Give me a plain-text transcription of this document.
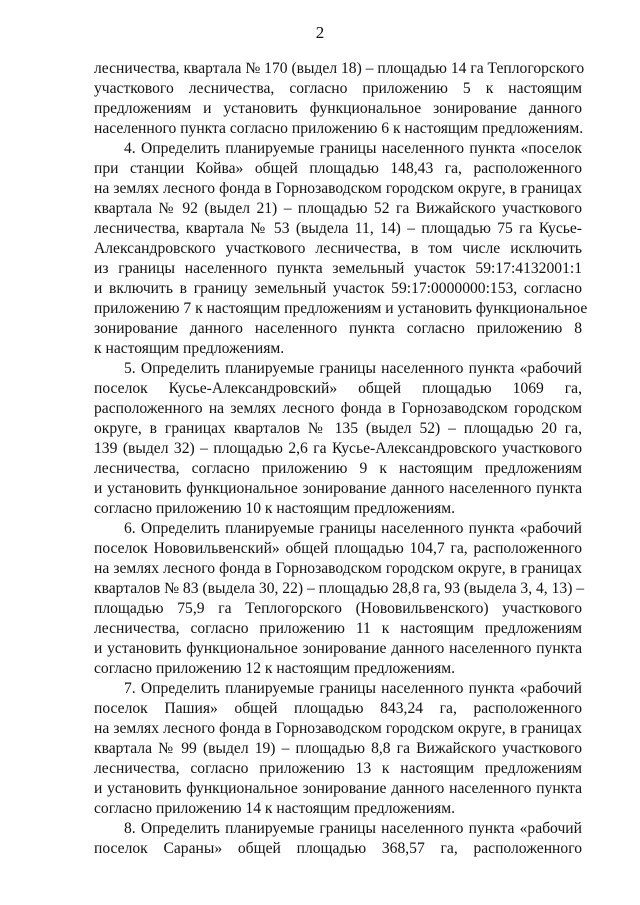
2
лесничества, квартала № 170 (выдел 18) – площадью 14 га Теплогорского
участкового лесничества, согласно приложению 5 к настоящим
предложениям и установить функциональное зонирование данного
населенного пункта согласно приложению 6 к настоящим предложениям.
4. Определить планируемые границы населенного пункта «поселок
при станции Койва» общей площадью 148,43 га, расположенного
на землях лесного фонда в Горнозаводском городском округе, в границах
квартала № 92 (выдел 21) – площадью 52 га Вижайского участкового
лесничества, квартала № 53 (выдела 11, 14) – площадью 75 га Кусье-
Александровского участкового лесничества, в том числе исключить
из границы населенного пункта земельный участок 59:17:4132001:1
и включить в границу земельный участок 59:17:0000000:153, согласно
приложению 7 к настоящим предложениям и установить функциональное
зонирование данного населенного пункта согласно приложению 8
к настоящим предложениям.
5. Определить планируемые границы населенного пункта «рабочий
поселок Кусье-Александровский» общей площадью 1069 га,
расположенного на землях лесного фонда в Горнозаводском городском
округе, в границах кварталов № 135 (выдел 52) – площадью 20 га,
139 (выдел 32) – площадью 2,6 га Кусье-Александровского участкового
лесничества, согласно приложению 9 к настоящим предложениям
и установить функциональное зонирование данного населенного пункта
согласно приложению 10 к настоящим предложениям.
6. Определить планируемые границы населенного пункта «рабочий
поселок Нововильвенский» общей площадью 104,7 га, расположенного
на землях лесного фонда в Горнозаводском городском округе, в границах
кварталов № 83 (выдела 30, 22) – площадью 28,8 га, 93 (выдела 3, 4, 13) –
площадью 75,9 га Теплогорского (Нововильвенского) участкового
лесничества, согласно приложению 11 к настоящим предложениям
и установить функциональное зонирование данного населенного пункта
согласно приложению 12 к настоящим предложениям.
7. Определить планируемые границы населенного пункта «рабочий
поселок Пашия» общей площадью 843,24 га, расположенного
на землях лесного фонда в Горнозаводском городском округе, в границах
квартала № 99 (выдел 19) – площадью 8,8 га Вижайского участкового
лесничества, согласно приложению 13 к настоящим предложениям
и установить функциональное зонирование данного населенного пункта
согласно приложению 14 к настоящим предложениям.
8. Определить планируемые границы населенного пункта «рабочий
поселок Сараны» общей площадью 368,57 га, расположенного
